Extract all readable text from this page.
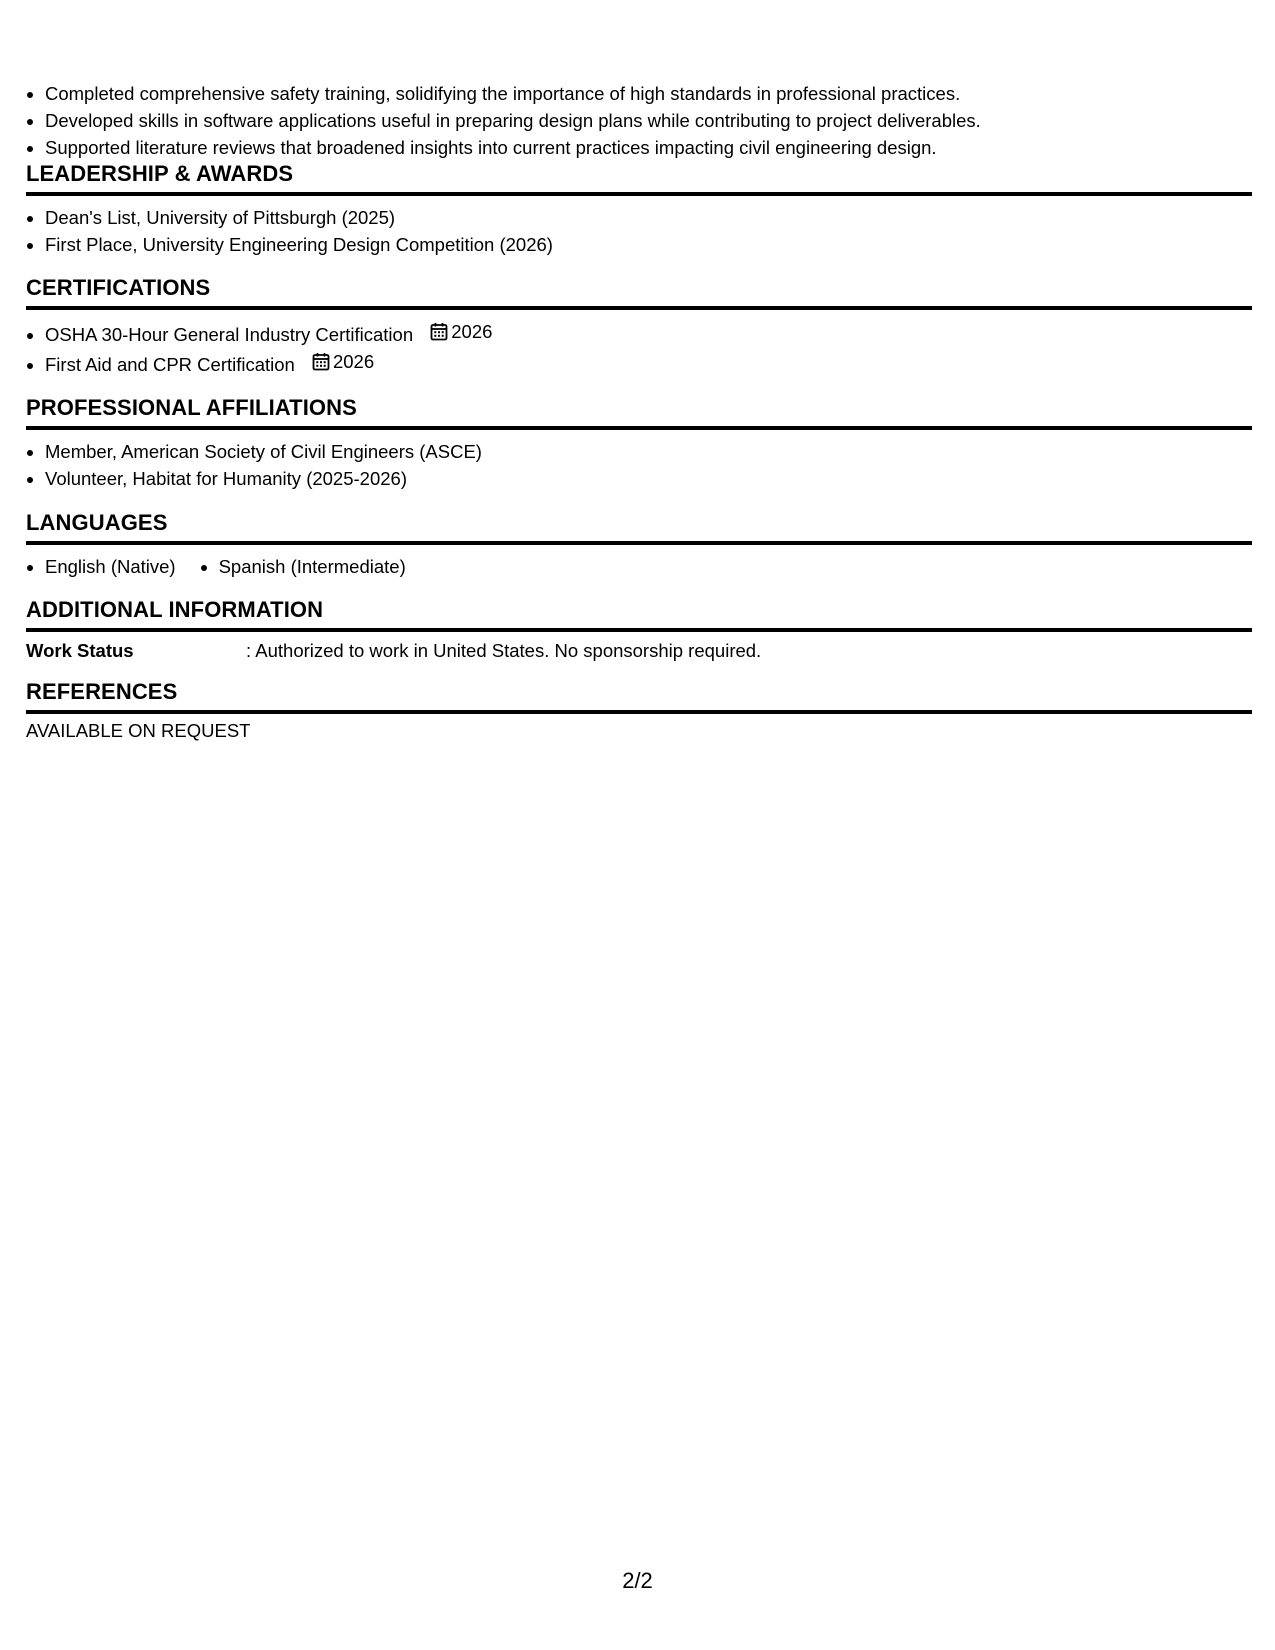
• Completed comprehensive safety training, solidifying the importance of high standards in professional practices.
• Developed skills in software applications useful in preparing design plans while contributing to project deliverables.
• Supported literature reviews that broadened insights into current practices impacting civil engineering design.
LEADERSHIP & AWARDS
• Dean's List, University of Pittsburgh (2025)
• First Place, University Engineering Design Competition (2026)
CERTIFICATIONS
• OSHA 30-Hour General Industry Certification 2026
• First Aid and CPR Certification 2026
PROFESSIONAL AFFILIATIONS
• Member, American Society of Civil Engineers (ASCE)
• Volunteer, Habitat for Humanity (2025-2026)
LANGUAGES
• English (Native)
• Spanish (Intermediate)
ADDITIONAL INFORMATION
Work Status	: Authorized to work in United States. No sponsorship required.
REFERENCES
AVAILABLE ON REQUEST
2/2
